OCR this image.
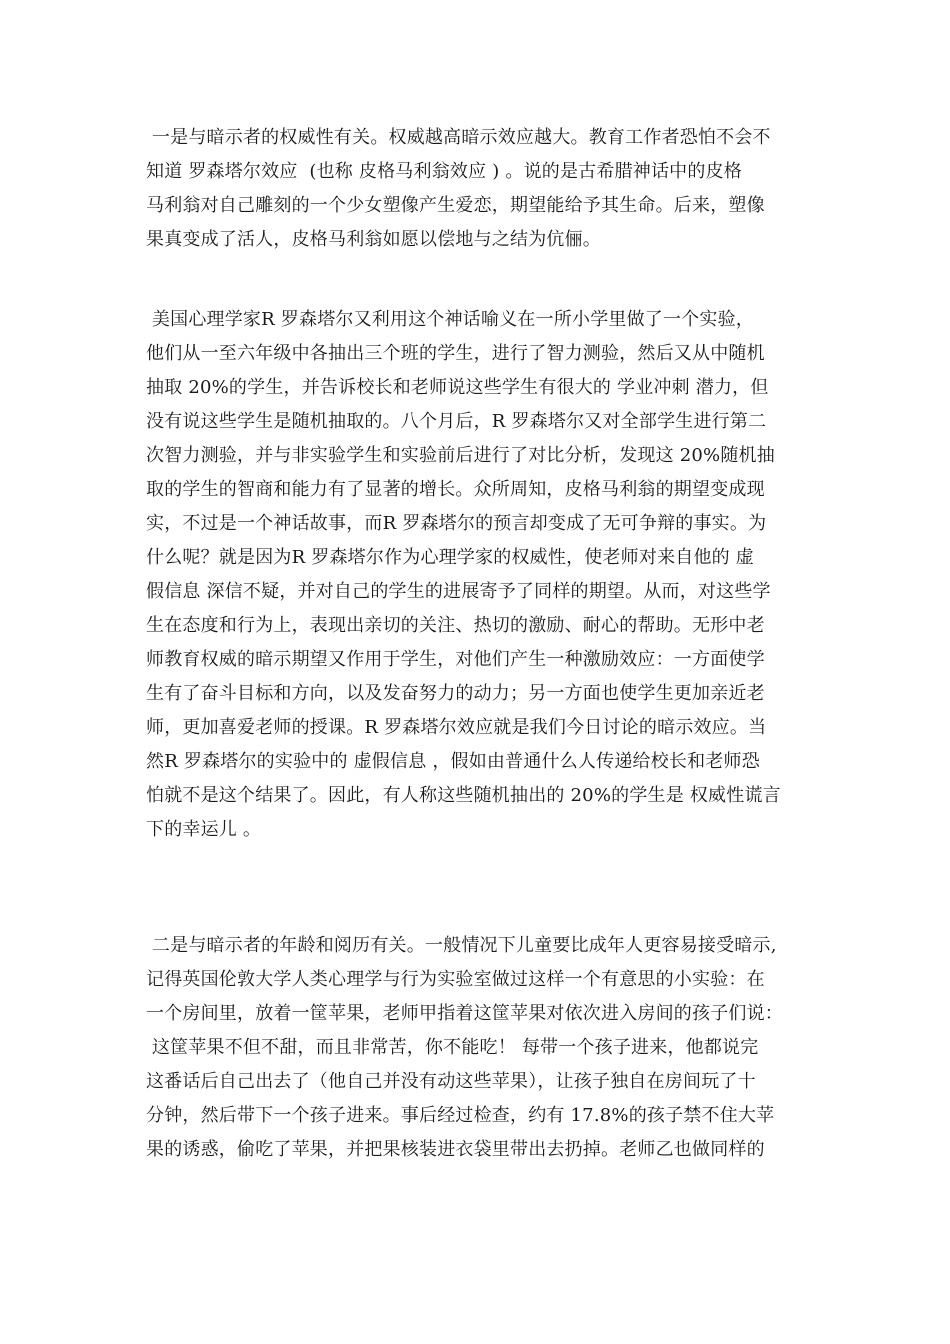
一是与暗示者的权威性有关。权威越高暗示效应越大。教育工作者恐怕不会不
知道 罗森塔尔效应  (也称 皮格马利翁效应 ) 。说的是古希腊神话中的皮格
马利翁对自己雕刻的一个少女塑像产生爱恋，期望能给予其生命。后来，塑像
果真变成了活人，皮格马利翁如愿以偿地与之结为伉俪。
美国心理学家R 罗森塔尔又利用这个神话喻义在一所小学里做了一个实验，
他们从一至六年级中各抽出三个班的学生，进行了智力测验，然后又从中随机
抽取 20%的学生，并告诉校长和老师说这些学生有很大的 学业冲刺 潜力，但
没有说这些学生是随机抽取的。八个月后，R 罗森塔尔又对全部学生进行第二
次智力测验，并与非实验学生和实验前后进行了对比分析，发现这 20%随机抽
取的学生的智商和能力有了显著的增长。众所周知，皮格马利翁的期望变成现
实，不过是一个神话故事，而R 罗森塔尔的预言却变成了无可争辩的事实。为
什么呢？就是因为R 罗森塔尔作为心理学家的权威性，使老师对来自他的 虚
假信息 深信不疑，并对自己的学生的进展寄予了同样的期望。从而，对这些学
生在态度和行为上，表现出亲切的关注、热切的激励、耐心的帮助。无形中老
师教育权威的暗示期望又作用于学生，对他们产生一种激励效应：一方面使学
生有了奋斗目标和方向，以及发奋努力的动力；另一方面也使学生更加亲近老
师，更加喜爱老师的授课。R 罗森塔尔效应就是我们今日讨论的暗示效应。当
然R 罗森塔尔的实验中的 虚假信息 ，假如由普通什么人传递给校长和老师恐
怕就不是这个结果了。因此，有人称这些随机抽出的 20%的学生是 权威性谎言
下的幸运儿 。
二是与暗示者的年龄和阅历有关。一般情况下儿童要比成年人更容易接受暗示,
记得英国伦敦大学人类心理学与行为实验室做过这样一个有意思的小实验：在
一个房间里，放着一筐苹果，老师甲指着这筐苹果对依次进入房间的孩子们说：
这筐苹果不但不甜，而且非常苦，你不能吃！ 每带一个孩子进来，他都说完
这番话后自己出去了（他自己并没有动这些苹果），让孩子独自在房间玩了十
分钟，然后带下一个孩子进来。事后经过检查，约有 17.8%的孩子禁不住大苹
果的诱惑，偷吃了苹果，并把果核装进衣袋里带出去扔掉。老师乙也做同样的
